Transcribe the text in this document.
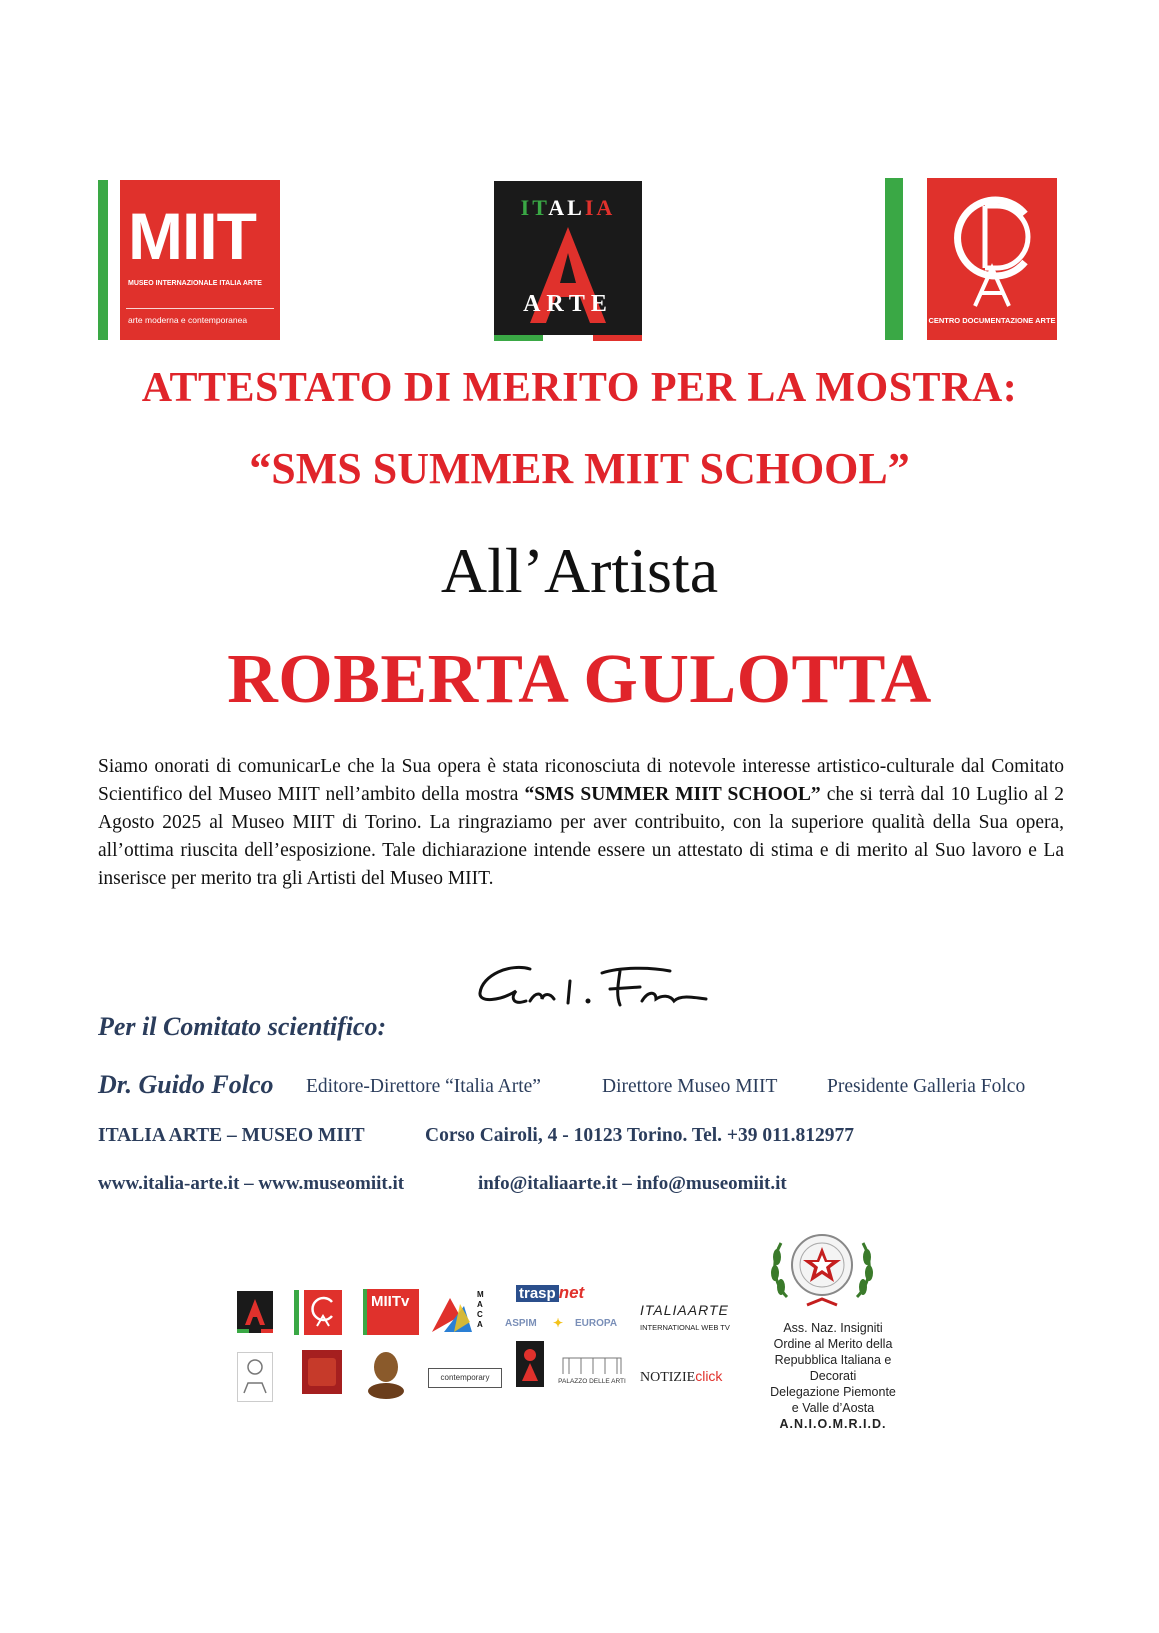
MIIT
MUSEO INTERNAZIONALE ITALIA ARTE
arte moderna e contemporanea
ITALIA
ARTE
CENTRO DOCUMENTAZIONE ARTE
ATTESTATO DI MERITO PER LA MOSTRA:
“SMS SUMMER MIIT SCHOOL”
All’Artista
ROBERTA GULOTTA
Siamo onorati di comunicarLe che la Sua opera è stata riconosciuta di notevole interesse artistico-culturale dal Comitato Scientifico del Museo MIIT nell’ambito della mostra “SMS SUMMER MIIT SCHOOL” che si terrà dal 10 Luglio al 2 Agosto 2025 al Museo MIIT di Torino. La ringraziamo per aver contribuito, con la superiore qualità della Sua opera, all’ottima riuscita dell’esposizione. Tale dichiarazione intende essere un attestato di stima e di merito al Suo lavoro e La inserisce per merito tra gli Artisti del Museo MIIT.
Per il Comitato scientifico:
Dr. Guido Folco Editore-Direttore “Italia Arte”	Direttore Museo MIIT	Presidente Galleria Folco
ITALIA ARTE – MUSEO MIIT	Corso Cairoli, 4 - 10123 Torino. Tel. +39 011.812977
www.italia-arte.it – www.museomiit.it	info@italiaarte.it – info@museomiit.it
MIITv	MACA
trasp net
ASPIM ✦ EUROPA
ITALIAARTE
INTERNATIONAL WEB TV
contemporary	PALAZZO DELLE ARTI NOTIZIEclick
Ass. Naz. Insigniti
Ordine al Merito della
Repubblica Italiana e
Decorati
Delegazione Piemonte
e Valle d’Aosta
A.N.I.O.M.R.I.D.
